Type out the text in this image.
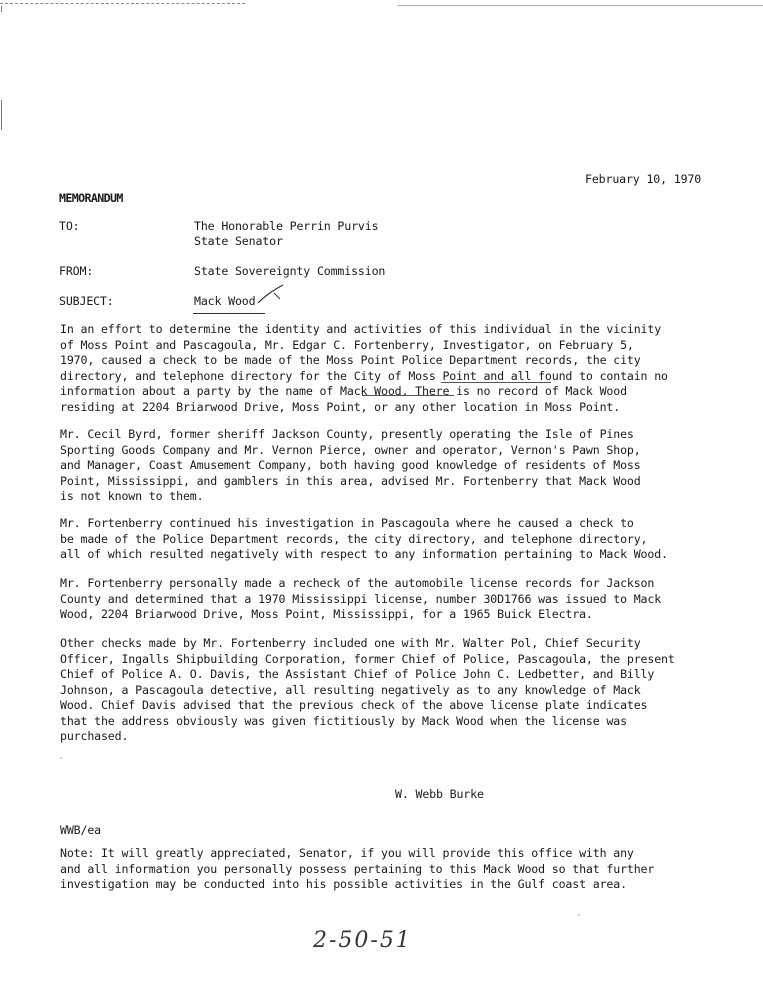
February 10, 1970
MEMORANDUM
TO:	The Honorable Perrin Purvis
State Senator
FROM:	State Sovereignty Commission
SUBJECT:	Mack Wood
In an effort to determine the identity and activities of this individual in the vicinity
of Moss Point and Pascagoula, Mr. Edgar C. Fortenberry, Investigator, on February 5,
1970, caused a check to be made of the Moss Point Police Department records, the city
directory, and telephone directory for the City of Moss Point and all found to contain no
information about a party by the name of Mack Wood. There is no record of Mack Wood
residing at 2204 Briarwood Drive, Moss Point, or any other location in Moss Point.
Mr. Cecil Byrd, former sheriff Jackson County, presently operating the Isle of Pines
Sporting Goods Company and Mr. Vernon Pierce, owner and operator, Vernon's Pawn Shop,
and Manager, Coast Amusement Company, both having good knowledge of residents of Moss
Point, Mississippi, and gamblers in this area, advised Mr. Fortenberry that Mack Wood
is not known to them.
Mr. Fortenberry continued his investigation in Pascagoula where he caused a check to
be made of the Police Department records, the city directory, and telephone directory,
all of which resulted negatively with respect to any information pertaining to Mack Wood.
Mr. Fortenberry personally made a recheck of the automobile license records for Jackson
County and determined that a 1970 Mississippi license, number 30D1766 was issued to Mack
Wood, 2204 Briarwood Drive, Moss Point, Mississippi, for a 1965 Buick Electra.
Other checks made by Mr. Fortenberry included one with Mr. Walter Pol, Chief Security
Officer, Ingalls Shipbuilding Corporation, former Chief of Police, Pascagoula, the present
Chief of Police A. O. Davis, the Assistant Chief of Police John C. Ledbetter, and Billy
Johnson, a Pascagoula detective, all resulting negatively as to any knowledge of Mack
Wood. Chief Davis advised that the previous check of the above license plate indicates
that the address obviously was given fictitiously by Mack Wood when the license was
purchased.
W. Webb Burke
WWB/ea
Note: It will greatly appreciated, Senator, if you will provide this office with any
and all information you personally possess pertaining to this Mack Wood so that further
investigation may be conducted into his possible activities in the Gulf coast area.
2-50-51
